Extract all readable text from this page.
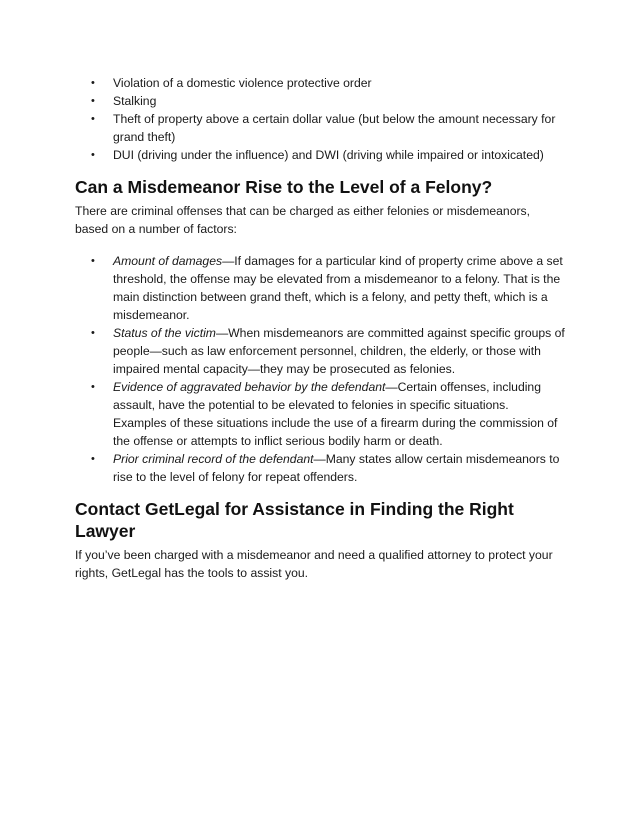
• Violation of a domestic violence protective order
• Stalking
• Theft of property above a certain dollar value (but below the amount necessary for grand theft)
• DUI (driving under the influence) and DWI (driving while impaired or intoxicated)
Can a Misdemeanor Rise to the Level of a Felony?

There are criminal offenses that can be charged as either felonies or misdemeanors, based on a number of factors:

• Amount of damages—If damages for a particular kind of property crime above a set threshold, the offense may be elevated from a misdemeanor to a felony. That is the main distinction between grand theft, which is a felony, and petty theft, which is a misdemeanor.
• Status of the victim—When misdemeanors are committed against specific groups of people—such as law enforcement personnel, children, the elderly, or those with impaired mental capacity—they may be prosecuted as felonies.
• Evidence of aggravated behavior by the defendant—Certain offenses, including assault, have the potential to be elevated to felonies in specific situations. Examples of these situations include the use of a firearm during the commission of the offense or attempts to inflict serious bodily harm or death.
• Prior criminal record of the defendant—Many states allow certain misdemeanors to rise to the level of felony for repeat offenders.
Contact GetLegal for Assistance in Finding the Right Lawyer

If you’ve been charged with a misdemeanor and need a qualified attorney to protect your rights, GetLegal has the tools to assist you.
